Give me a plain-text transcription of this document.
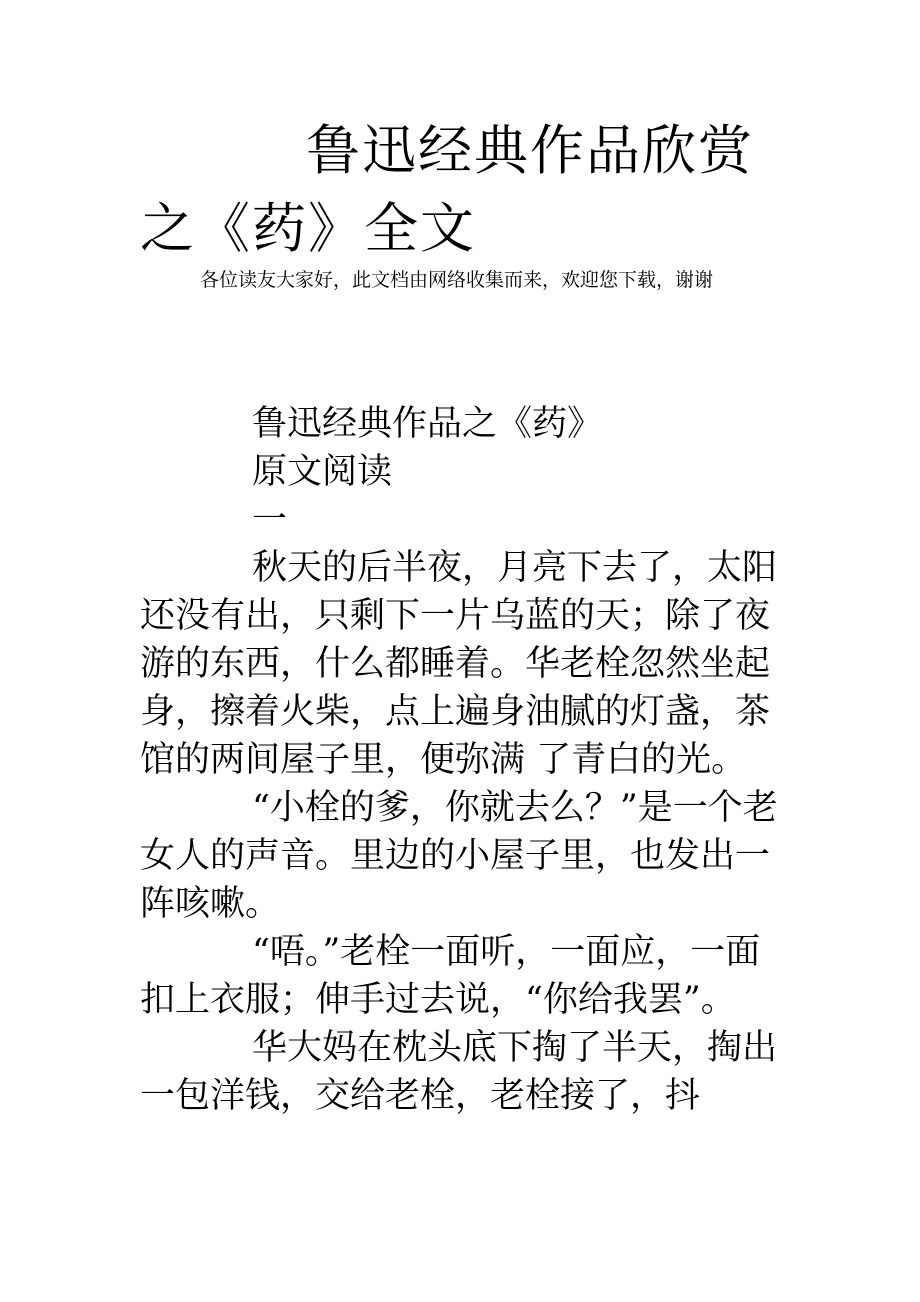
鲁迅经典作品欣赏之《药》全文
各位读友大家好，此文档由网络收集而来，欢迎您下载，谢谢

鲁迅经典作品之《药》

原文阅读

一

秋天的后半夜，月亮下去了，太阳还没有出，只剩下一片乌蓝的天；除了夜游的东西，什么都睡着。华老栓忽然坐起身，擦着火柴，点上遍身油腻的灯盏，茶馆的两间屋子里，便弥满 了青白的光。

“小栓的爹，你就去么？”是一个老女人的声音。里边的小屋子里，也发出一阵咳嗽。

“唔。”老栓一面听，一面应，一面扣上衣服；伸手过去说，“你给我罢”。

华大妈在枕头底下掏了半天，掏出一包洋钱，交给老栓，老栓接了，抖
